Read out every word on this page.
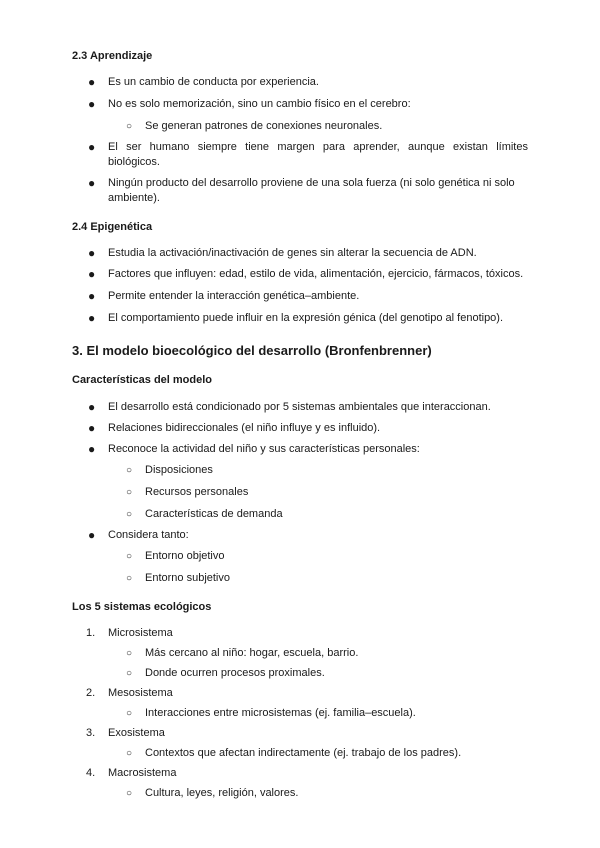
2.3 Aprendizaje
● Es un cambio de conducta por experiencia.
● No es solo memorización, sino un cambio físico en el cerebro:
○ Se generan patrones de conexiones neuronales.
● El ser humano siempre tiene margen para aprender, aunque existan límites biológicos.
● Ningún producto del desarrollo proviene de una sola fuerza (ni solo genética ni solo ambiente).
2.4 Epigenética
● Estudia la activación/inactivación de genes sin alterar la secuencia de ADN.
● Factores que influyen: edad, estilo de vida, alimentación, ejercicio, fármacos, tóxicos.
● Permite entender la interacción genética–ambiente.
● El comportamiento puede influir en la expresión génica (del genotipo al fenotipo).
3. El modelo bioecológico del desarrollo (Bronfenbrenner)
Características del modelo
● El desarrollo está condicionado por 5 sistemas ambientales que interaccionan.
● Relaciones bidireccionales (el niño influye y es influido).
● Reconoce la actividad del niño y sus características personales:
○ Disposiciones
○ Recursos personales
○ Características de demanda
● Considera tanto:
○ Entorno objetivo
○ Entorno subjetivo
Los 5 sistemas ecológicos
1. Microsistema
○ Más cercano al niño: hogar, escuela, barrio.
○ Donde ocurren procesos proximales.
2. Mesosistema
○ Interacciones entre microsistemas (ej. familia–escuela).
3. Exosistema
○ Contextos que afectan indirectamente (ej. trabajo de los padres).
4. Macrosistema
○ Cultura, leyes, religión, valores.
